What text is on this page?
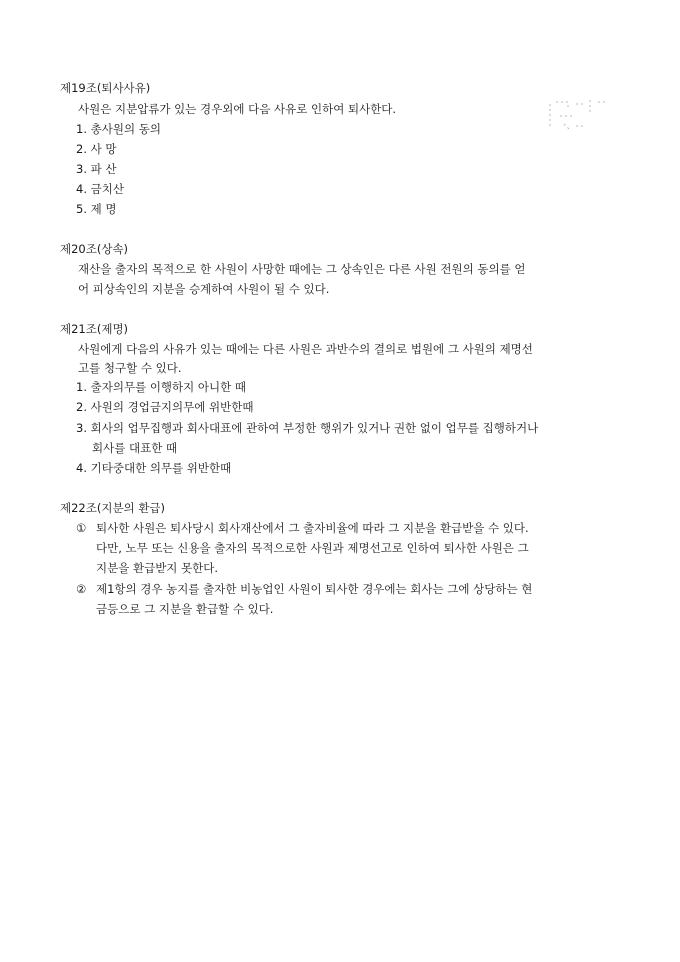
제19조(퇴사사유)
사원은 지분압류가 있는 경우외에 다음 사유로 인하여 퇴사한다.
1. 총사원의 동의
2. 사 망
3. 파 산
4. 금치산
5. 제 명
제20조(상속)
재산을 출자의 목적으로 한 사원이 사망한 때에는 그 상속인은 다른 사원 전원의 동의를 얻
어 피상속인의 지분을 승계하여 사원이 될 수 있다.
제21조(제명)
사원에게 다음의 사유가 있는 때에는 다른 사원은 과반수의 결의로 법원에 그 사원의 제명선
고를 청구할 수 있다.
1. 출자의무를 이행하지 아니한 때
2. 사원의 경업금지의무에 위반한때
3. 회사의 업무집행과 회사대표에 관하여 부정한 행위가 있거나 권한 없이 업무를 집행하거나
회사를 대표한 때
4. 기타중대한 의무를 위반한때
제22조(지분의 환급)
① 퇴사한 사원은 퇴사당시 회사재산에서 그 출자비율에 따라 그 지분을 환급받을 수 있다.
다만, 노무 또는 신용을 출자의 목적으로한 사원과 제명선고로 인하여 퇴사한 사원은 그
지분을 환급받지 못한다.
② 제1항의 경우 농지를 출자한 비농업인 사원이 퇴사한 경우에는 회사는 그에 상당하는 현
금등으로 그 지분을 환급할 수 있다.
